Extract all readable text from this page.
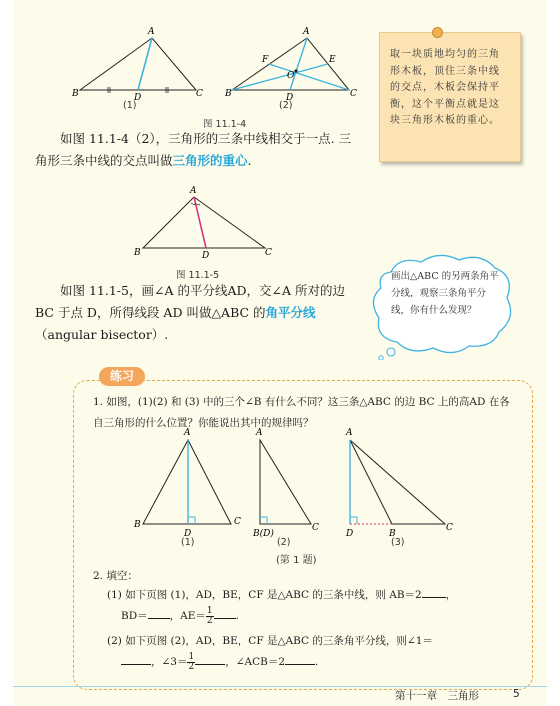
A
B	C
D
A
B	C
D
E
F
O
(1)	(2)
图 11.1-4
取一块质地均匀的三角形木板，顶住三条中线的交点，木板会保持平衡，这个平衡点就是这块三角形木板的重心。
如图 11.1-4（2），三角形的三条中线相交于一点. 三角形三条中线的交点叫做三角形的重心.
A
B	C
D
图 11.1-5
如图 11.1-5，画∠A 的平分线AD，交∠A 所对的边 BC 于点 D，所得线段 AD 叫做△ABC 的角平分线（angular bisector）.
画出△ABC 的另两条角平分线，观察三条角平分线，你有什么发现？
练习
1. 如图，(1)(2) 和 (3) 中的三个∠B 有什么不同？这三条△ABC 的边 BC 上的高AD 在各自三角形的什么位置？你能说出其中的规律吗？
A
B	C
D
A
B(D)
C
A
D	B
C
(1)	(2)	(3)
(第 1 题)
2. 填空：
(1) 如下页图 (1)，AD，BE，CF 是△ABC 的三条中线，则 AB＝2 ，
BD＝ ，$AE= \frac{1}{2}$ .
(2) 如下页图 (2)，AD，BE，CF 是△ABC 的三条角平分线，则∠1＝
，∠3＝ $\frac{1}{2}$	，∠ACB＝2	.
第十一章　三角形	5
